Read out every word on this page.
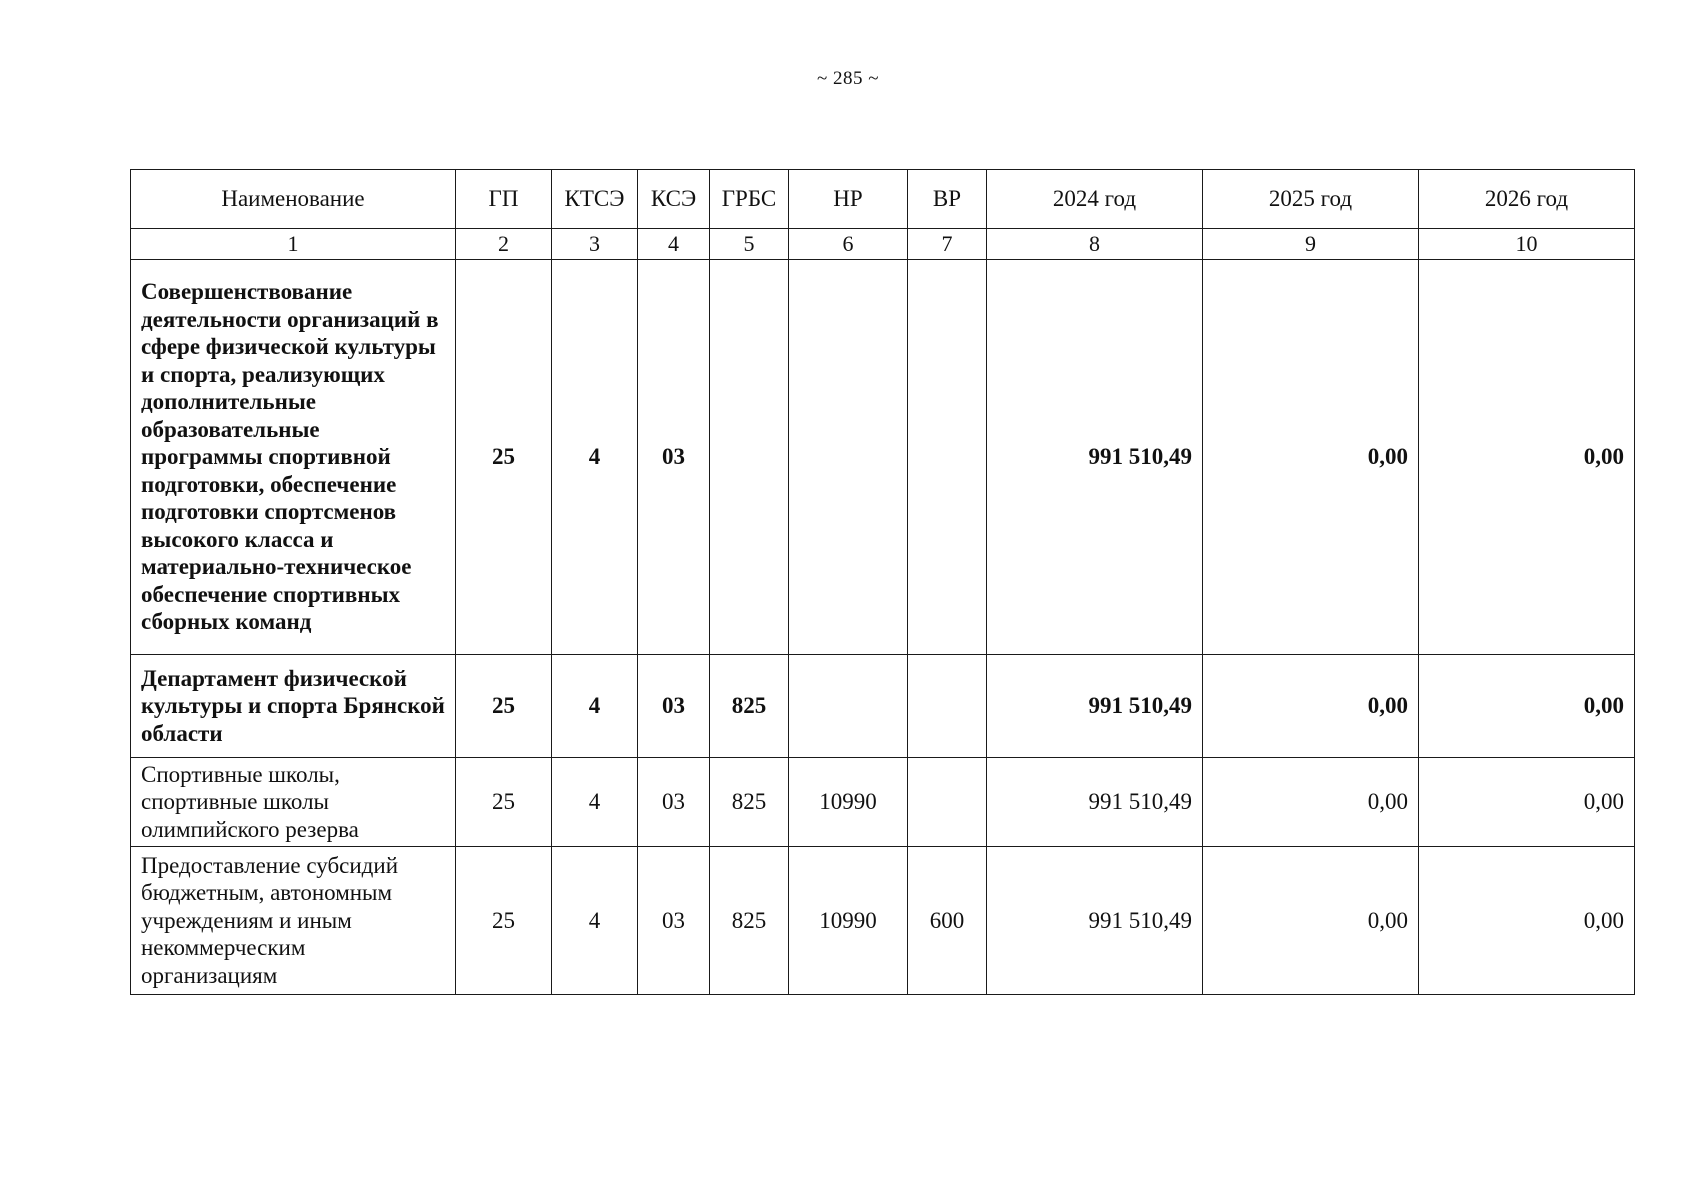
~ 285 ~
Наименование	ГП	КТСЭ	КСЭ	ГРБС	НР	ВР	2024 год	2025 год	2026 год
1	2	3	4	5	6	7	8	9	10
Совершенствование деятельности организаций в сфере физической культуры и спорта, реализующих дополнительные образовательные программы спортивной подготовки, обеспечение подготовки спортсменов высокого класса и материально-техническое обеспечение спортивных сборных команд	25	4	03				991 510,49	0,00	0,00
Департамент физической культуры и спорта Брянской области	25	4	03	825			991 510,49	0,00	0,00
Спортивные школы, спортивные школы олимпийского резерва	25	4	03	825	10990		991 510,49	0,00	0,00
Предоставление субсидий бюджетным, автономным учреждениям и иным некоммерческим организациям	25	4	03	825	10990	600	991 510,49	0,00	0,00
